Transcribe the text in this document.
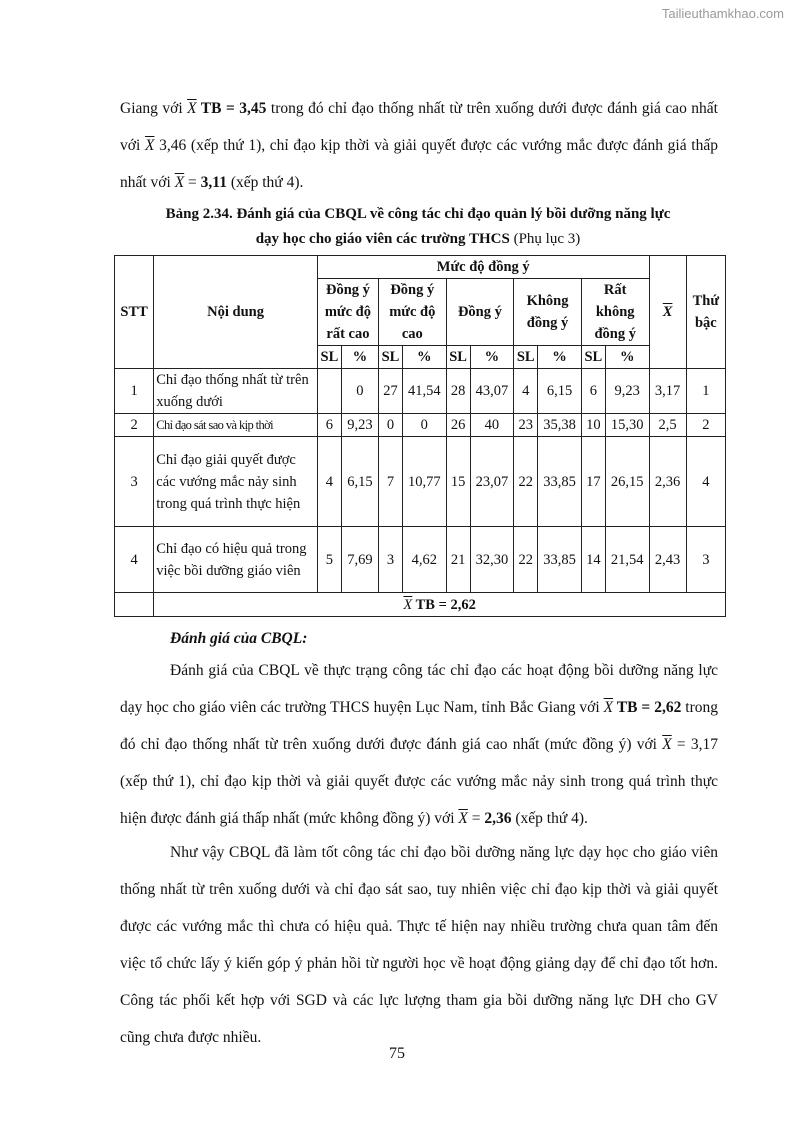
Tailieuthamkhao.com

Giang với $\overline{X}$ TB = 3,45 trong đó chỉ đạo thống nhất từ trên xuống dưới được đánh giá cao nhất với $\overline{X}$ 3,46 (xếp thứ 1), chỉ đạo kịp thời và giải quyết được các vướng mắc được đánh giá thấp nhất với $\overline{X} = 3,11$ (xếp thứ 4).

Bảng 2.34. Đánh giá của CBQL về công tác chỉ đạo quản lý bồi dưỡng năng lực
dạy học cho giáo viên các trường THCS (Phụ lục 3)
STT	Nội dung	Mức độ đồng ý										$\overline{X}$	Thứ bậc
		Đồng ý mức độ rất cao		Đồng ý mức độ cao		Đồng ý		Không đồng ý		Rất không đồng ý			
		SL	%	SL	%	SL	%	SL	%	SL	%		
1	Chỉ đạo thống nhất từ trên xuống dưới		0	27	41,54	28	43,07	4	6,15	6	9,23	3,17	1
2	Chỉ đạo sát sao và kịp thời	6	9,23	0	0	26	40	23	35,38	10	15,30	2,5	2
3	Chỉ đạo giải quyết được các vướng mắc nảy sinh trong quá trình thực hiện	4	6,15	7	10,77	15	23,07	22	33,85	17	26,15	2,36	4
4	Chỉ đạo có hiệu quả trong việc bồi dưỡng giáo viên	5	7,69	3	4,62	21	32,30	22	33,85	14	21,54	2,43	3
	$\overline{X}$ TB = 2,62												
Đánh giá của CBQL:

Đánh giá của CBQL về thực trạng công tác chỉ đạo các hoạt động bồi dưỡng năng lực dạy học cho giáo viên các trường THCS huyện Lục Nam, tỉnh Bắc Giang với $\overline{X}$ TB = 2,62 trong đó chỉ đạo thống nhất từ trên xuống dưới được đánh giá cao nhất (mức đồng ý) với $\overline{X} = 3,17$ (xếp thứ 1), chỉ đạo kịp thời và giải quyết được các vướng mắc nảy sinh trong quá trình thực hiện được đánh giá thấp nhất (mức không đồng ý) với $\overline{X} = 2,36$ (xếp thứ 4).

Như vậy CBQL đã làm tốt công tác chỉ đạo bồi dưỡng năng lực dạy học cho giáo viên thống nhất từ trên xuống dưới và chỉ đạo sát sao, tuy nhiên việc chỉ đạo kịp thời và giải quyết được các vướng mắc thì chưa có hiệu quả. Thực tế hiện nay nhiều trường chưa quan tâm đến việc tổ chức lấy ý kiến góp ý phản hồi từ người học về hoạt động giảng dạy để chỉ đạo tốt hơn. Công tác phối kết hợp với SGD và các lực lượng tham gia bồi dưỡng năng lực DH cho GV cũng chưa được nhiều.

75
